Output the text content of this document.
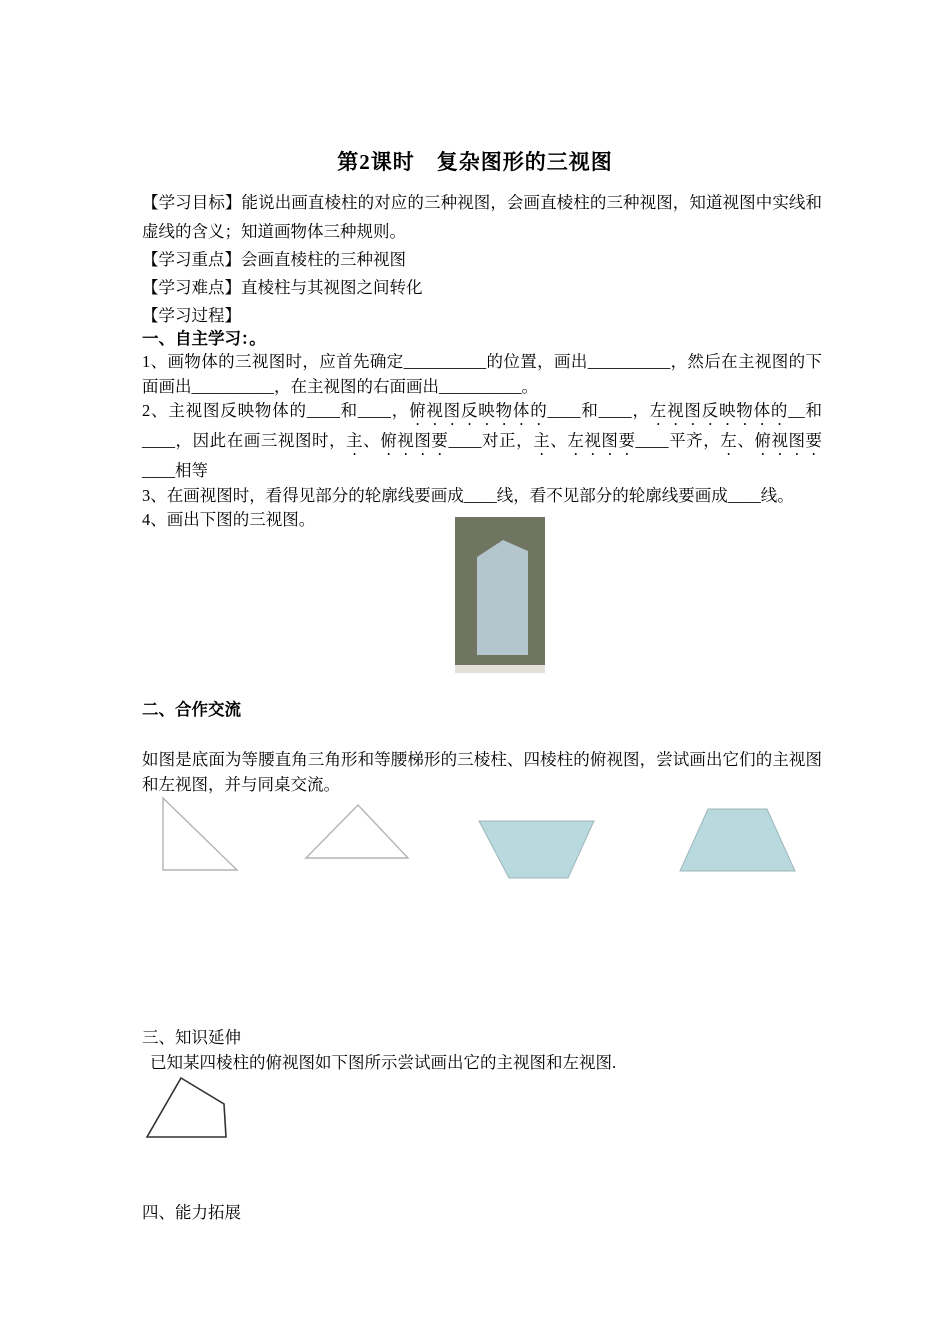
第2课时　复杂图形的三视图

【学习目标】能说出画直棱柱的对应的三种视图，会画直棱柱的三种视图，知道视图中实线和虚线的含义；知道画物体三种规则。

【学习重点】会画直棱柱的三种视图

【学习难点】直棱柱与其视图之间转化

【学习过程】

一、自主学习：。

1、画物体的三视图时，应首先确定__________的位置，画出__________，然后在主视图的下面画出__________，在主视图的右面画出__________。

2、主视图反映物体的____和____，俯视图反映物体的____和____，左视图反映物体的__和____，因此在画三视图时，主、俯视图要____对正，主、左视图要____平齐，左、俯视图要____相等

3、在画视图时，看得见部分的轮廓线要画成____线，看不见部分的轮廓线要画成____线。

4、画出下图的三视图。

二、合作交流

如图是底面为等腰直角三角形和等腰梯形的三棱柱、四棱柱的俯视图，尝试画出它们的主视图和左视图，并与同桌交流。

三、知识延伸

已知某四棱柱的俯视图如下图所示尝试画出它的主视图和左视图.

四、能力拓展
